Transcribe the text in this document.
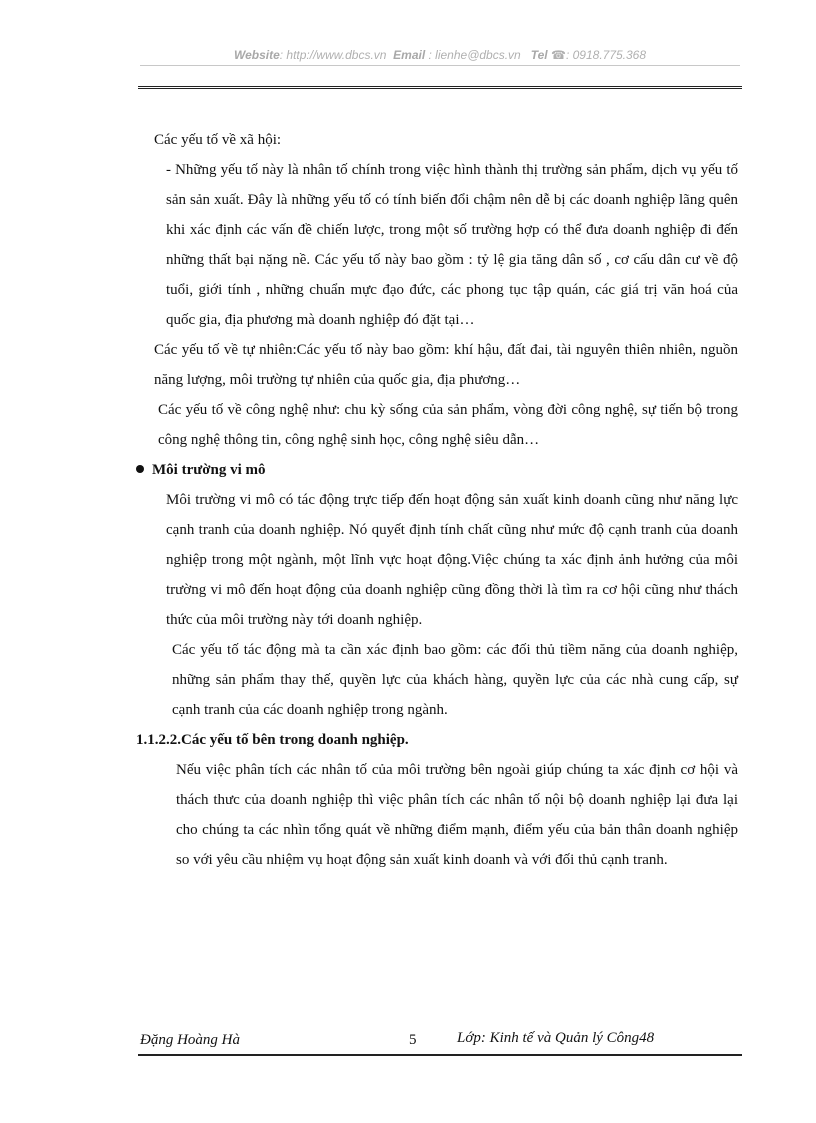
Website: http://www.dbcs.vn Email : lienhe@dbcs.vn Tel ☎: 0918.775.368

Các yếu tố về xã hội:

- Những yếu tố này là nhân tố chính trong việc hình thành thị trường sản phẩm, dịch vụ yếu tố sản sản xuất. Đây là những yếu tố có tính biến đổi chậm nên dễ bị các doanh nghiệp lãng quên khi xác định các vấn đề chiến lược, trong một số trường hợp có thể đưa doanh nghiệp đi đến những thất bại nặng nề. Các yếu tố này bao gồm : tỷ lệ gia tăng dân số , cơ cấu dân cư về độ tuổi, giới tính , những chuẩn mực đạo đức, các phong tục tập quán, các giá trị văn hoá của quốc gia, địa phương mà doanh nghiệp đó đặt tại…

Các yếu tố về tự nhiên:Các yếu tố này bao gồm: khí hậu, đất đai, tài nguyên thiên nhiên, nguồn năng lượng, môi trường tự nhiên của quốc gia, địa phương…

Các yếu tố về công nghệ như: chu kỳ sống của sản phẩm, vòng đời công nghệ, sự tiến bộ trong công nghệ thông tin, công nghệ sinh học, công nghệ siêu dẫn…

Môi trường vi mô

Môi trường vi mô có tác động trực tiếp đến hoạt động sản xuất kinh doanh cũng như năng lực cạnh tranh của doanh nghiệp. Nó quyết định tính chất cũng như mức độ cạnh tranh của doanh nghiệp trong một ngành, một lĩnh vực hoạt động.Việc chúng ta xác định ảnh hưởng của môi trường vi mô đến hoạt động của doanh nghiệp cũng đồng thời là tìm ra cơ hội cũng như thách thức của môi trường này tới doanh nghiệp.

Các yếu tố tác động mà ta cần xác định bao gồm: các đối thủ tiềm năng của doanh nghiệp, những sản phẩm thay thế, quyền lực của khách hàng, quyền lực của các nhà cung cấp, sự cạnh tranh của các doanh nghiệp trong ngành.

1.1.2.2.Các yếu tố bên trong doanh nghiệp.

Nếu việc phân tích các nhân tố của môi trường bên ngoài giúp chúng ta xác định cơ hội và thách thưc của doanh nghiệp thì việc phân tích các nhân tố nội bộ doanh nghiệp lại đưa lại cho chúng ta các nhìn tổng quát về những điểm mạnh, điểm yếu của bản thân doanh nghiệp so với yêu cầu nhiệm vụ hoạt động sản xuất kinh doanh và với đối thủ cạnh tranh.

Đặng Hoàng Hà	5	Lớp: Kinh tế và Quản lý Công48
